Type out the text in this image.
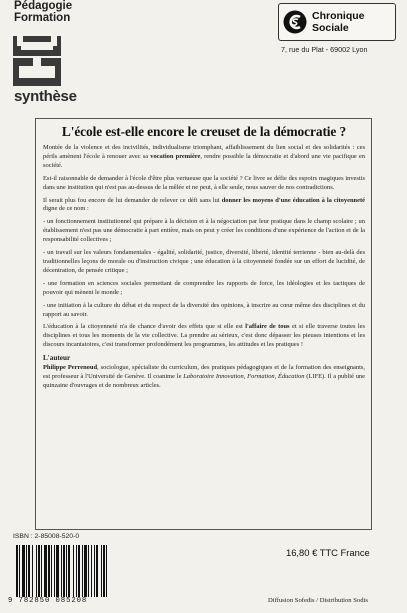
Pédagogie

Formation

synthèse
Chronique
Sociale
7, rue du Plat - 69002 Lyon
L'école est-elle encore le creuset de la démocratie ?

Montée de la violence et des incivilités, individualisme triomphant, affaiblissement du lien social et des solidarités : ces périls amènent l'école à renouer avec sa vocation première, rendre possible la démocratie et d'abord une vie pacifique en société.

Est-il raisonnable de demander à l'école d'être plus vertueuse que la société ? Ce livre se défie des espoirs magiques investis dans une institution qui n'est pas au-dessus de la mêlée et ne peut, à elle seule, nous sauver de nos contradictions.

Il serait plus fou encore de lui demander de relever ce défi sans lui donner les moyens d'une éducation à la citoyenneté digne de ce nom :

- un fonctionnement institutionnel qui prépare à la décision et à la négociation par leur pratique dans le champ scolaire ; un établissement n'est pas une démocratie à part entière, mais on peut y créer les conditions d'une expérience de l'action et de la responsabilité collectives ;

- un travail sur les valeurs fondamentales - égalité, solidarité, justice, diversité, liberté, identité terrienne - bien au-delà des traditionnelles leçons de morale ou d'instruction civique ; une éducation à la citoyenneté fondée sur un effort de lucidité, de décentration, de pensée critique ;

- une formation en sciences sociales permettant de comprendre les rapports de force, les idéologies et les tactiques de pouvoir qui mènent le monde ;

- une initiation à la culture du débat et du respect de la diversité des opinions, à inscrire au cœur même des disciplines et du rapport au savoir.

L'éducation à la citoyenneté n'a de chance d'avoir des effets que si elle est l'affaire de tous et si elle traverse toutes les disciplines et tous les moments de la vie collective. La prendre au sérieux, c'est donc dépasser les pieuses intentions et les discours incantatoires, c'est transformer profondément les programmes, les attitudes et les pratiques !

L'auteur

Philippe Perrenoud, sociologue, spécialiste du curriculum, des pratiques pédagogiques et de la formation des enseignants, est professeur à l'Université de Genève. Il coanime le Laboratoire Innovation, Formation, Éducation (LIFE). Il a publié une quinzaine d'ouvrages et de nombreux articles.

ISBN : 2-85008-520-0
9 782850 085208
16,80 € TTC France
Diffusion Sofedis / Distribution Sodis
